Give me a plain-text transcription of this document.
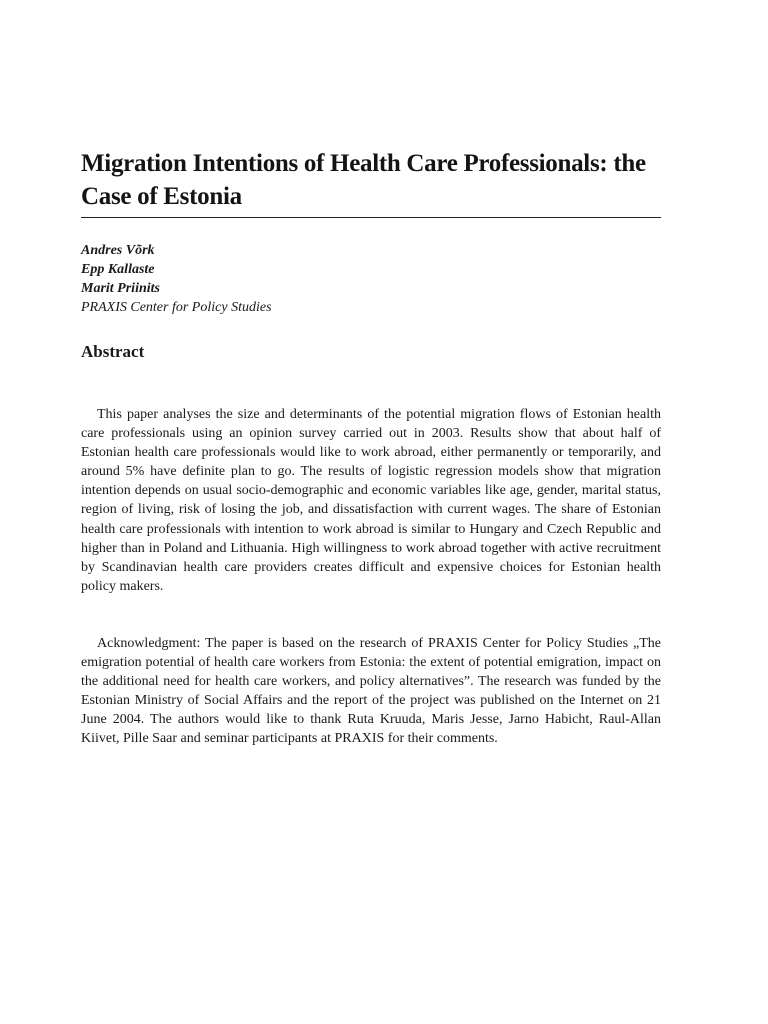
Migration Intentions of Health Care Professionals: the Case of Estonia
Andres Võrk
Epp Kallaste
Marit Priinits
PRAXIS Center for Policy Studies
Abstract

This paper analyses the size and determinants of the potential migration flows of Estonian health care professionals using an opinion survey carried out in 2003. Results show that about half of Estonian health care professionals would like to work abroad, either permanently or temporarily, and around 5% have definite plan to go. The results of logistic regression models show that migration intention depends on usual socio-demographic and economic variables like age, gender, marital status, region of living, risk of losing the job, and dissatisfaction with current wages. The share of Estonian health care professionals with intention to work abroad is similar to Hungary and Czech Republic and higher than in Poland and Lithuania. High willingness to work abroad together with active recruitment by Scandinavian health care providers creates difficult and expensive choices for Estonian health policy makers.

Acknowledgment: The paper is based on the research of PRAXIS Center for Policy Studies „The emigration potential of health care workers from Estonia: the extent of potential emigration, impact on the additional need for health care workers, and policy alternatives”. The research was funded by the Estonian Ministry of Social Affairs and the report of the project was published on the Internet on 21 June 2004. The authors would like to thank Ruta Kruuda, Maris Jesse, Jarno Habicht, Raul-Allan Kiivet, Pille Saar and seminar participants at PRAXIS for their comments.
